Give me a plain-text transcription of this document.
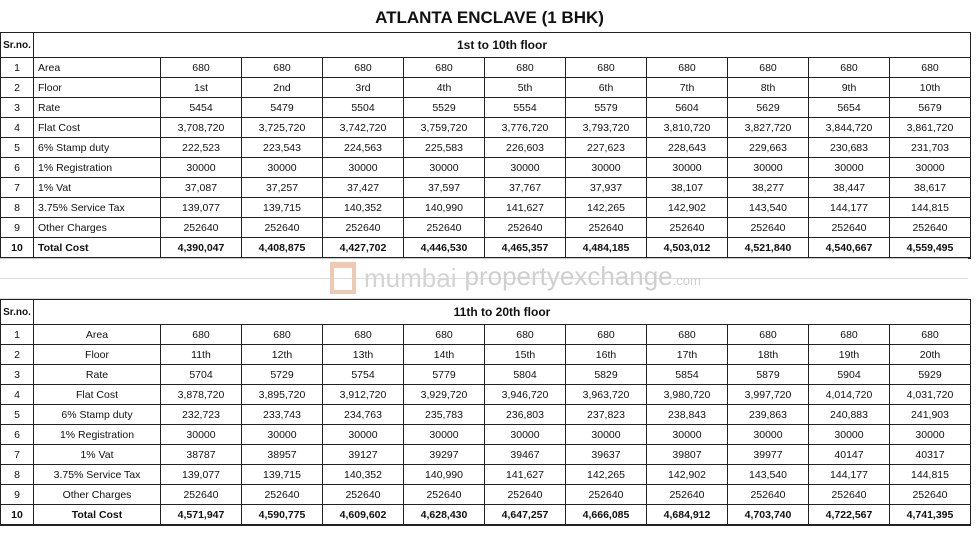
ATLANTA ENCLAVE (1 BHK)
Sr.no.	1st to 10th floor										
1	Area	680	680	680	680	680	680	680	680	680	680
2	Floor	1st	2nd	3rd	4th	5th	6th	7th	8th	9th	10th
3	Rate	5454	5479	5504	5529	5554	5579	5604	5629	5654	5679
4	Flat Cost	3,708,720	3,725,720	3,742,720	3,759,720	3,776,720	3,793,720	3,810,720	3,827,720	3,844,720	3,861,720
5	6% Stamp duty	222,523	223,543	224,563	225,583	226,603	227,623	228,643	229,663	230,683	231,703
6	1% Registration	30000	30000	30000	30000	30000	30000	30000	30000	30000	30000
7	1% Vat	37,087	37,257	37,427	37,597	37,767	37,937	38,107	38,277	38,447	38,617
8	3.75% Service Tax	139,077	139,715	140,352	140,990	141,627	142,265	142,902	143,540	144,177	144,815
9	Other Charges	252640	252640	252640	252640	252640	252640	252640	252640	252640	252640
10	Total Cost	4,390,047	4,408,875	4,427,702	4,446,530	4,465,357	4,484,185	4,503,012	4,521,840	4,540,667	4,559,495
Sr.no.	11th to 20th floor										
1	Area	680	680	680	680	680	680	680	680	680	680
2	Floor	11th	12th	13th	14th	15th	16th	17th	18th	19th	20th
3	Rate	5704	5729	5754	5779	5804	5829	5854	5879	5904	5929
4	Flat Cost	3,878,720	3,895,720	3,912,720	3,929,720	3,946,720	3,963,720	3,980,720	3,997,720	4,014,720	4,031,720
5	6% Stamp duty	232,723	233,743	234,763	235,783	236,803	237,823	238,843	239,863	240,883	241,903
6	1% Registration	30000	30000	30000	30000	30000	30000	30000	30000	30000	30000
7	1% Vat	38787	38957	39127	39297	39467	39637	39807	39977	40147	40317
8	3.75% Service Tax	139,077	139,715	140,352	140,990	141,627	142,265	142,902	143,540	144,177	144,815
9	Other Charges	252640	252640	252640	252640	252640	252640	252640	252640	252640	252640
10	Total Cost	4,571,947	4,590,775	4,609,602	4,628,430	4,647,257	4,666,085	4,684,912	4,703,740	4,722,567	4,741,395
mumbai propertyexchange.com
